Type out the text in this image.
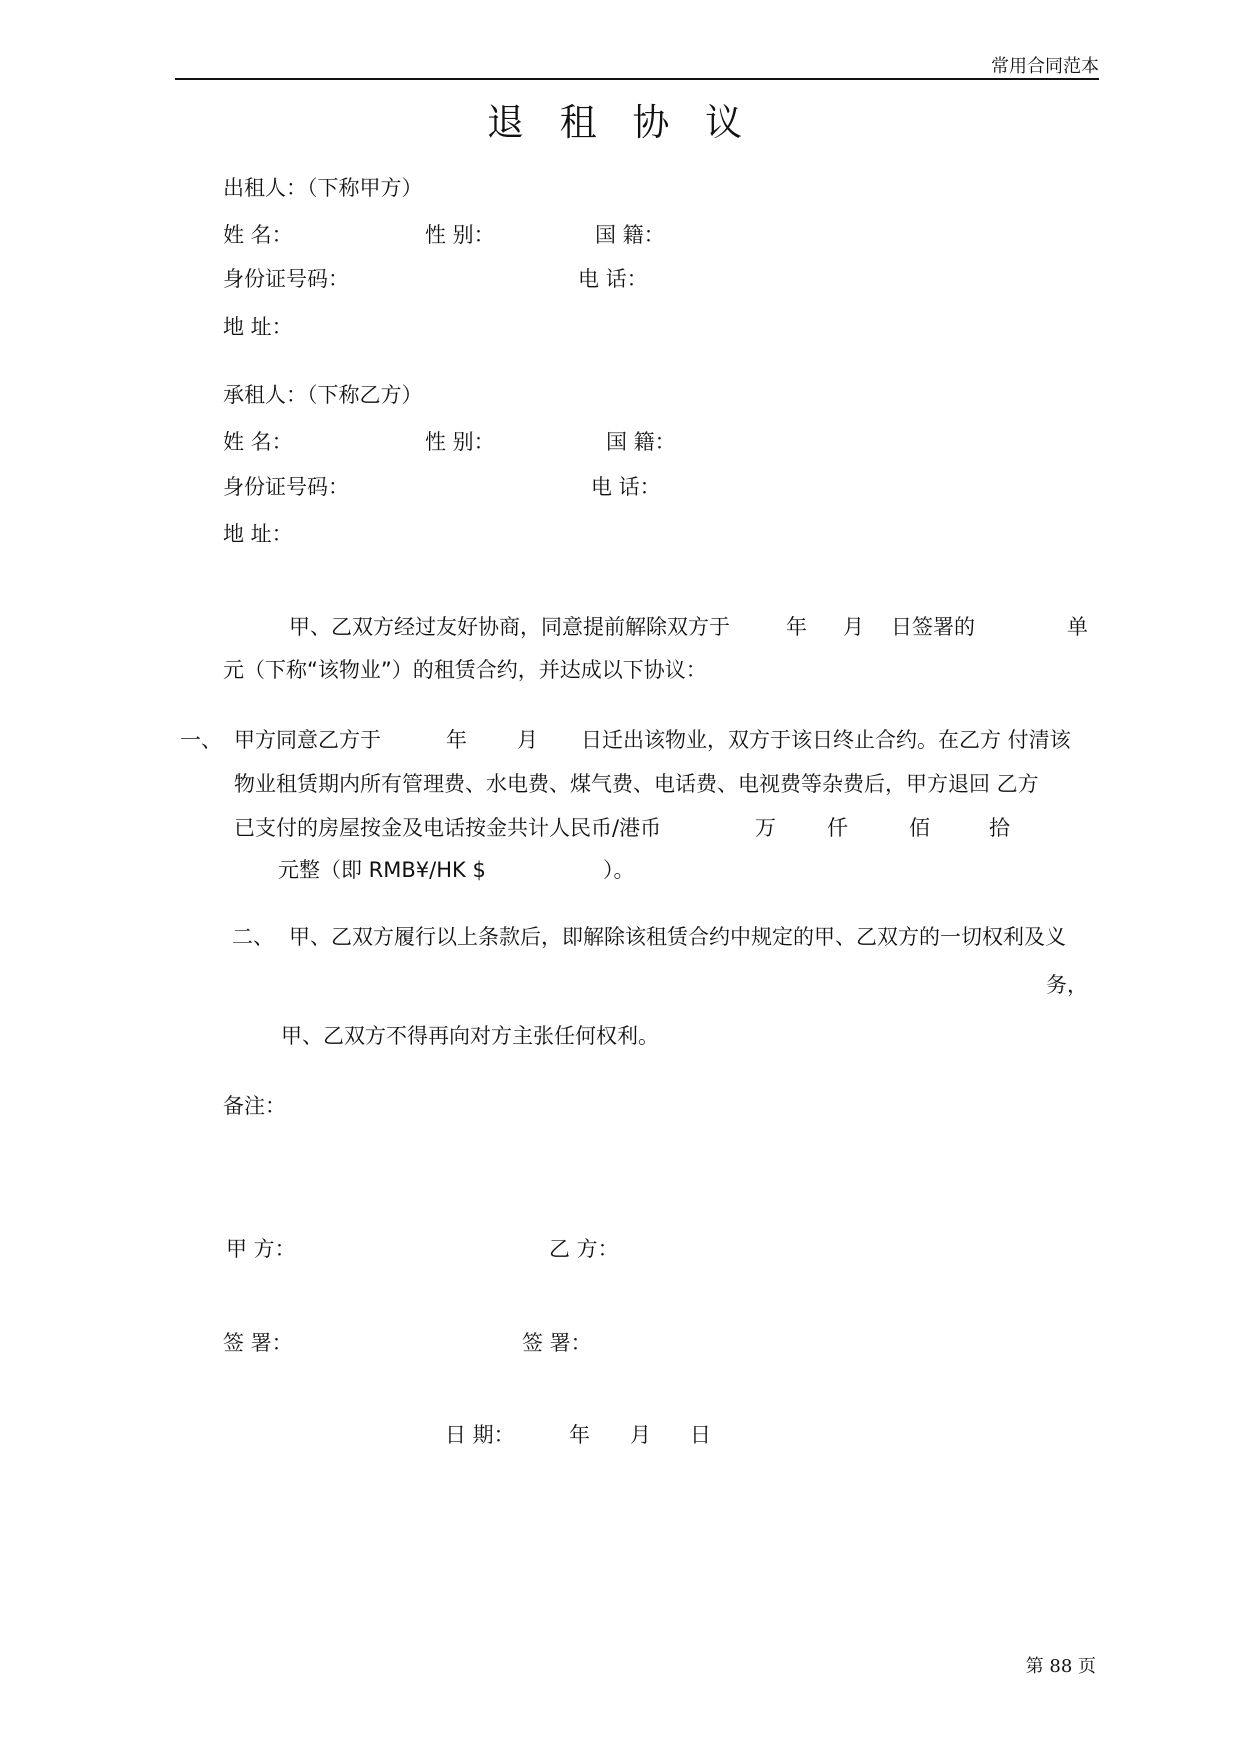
常用合同范本
退 租 协 议
出租人：（下称甲方）
姓 名：	性 别：	国 籍：
身份证号码：	电 话：
地 址：
承租人：（下称乙方）
姓 名：	性 别：	国 籍：
身份证号码：	电 话：
地 址：
甲、乙双方经过友好协商，同意提前解除双方于	年 月 日签署的	单
元（下称“该物业”）的租赁合约，并达成以下协议：
一、 甲方同意乙方于	年 月 日迁出该物业，双方于该日终止合约。在乙方 付清该
物业租赁期内所有管理费、水电费、煤气费、电话费、电视费等杂费后，甲方退回 乙方
已支付的房屋按金及电话按金共计人民币/港币	万 仟	佰	拾
元整（即 RMB¥/HK $	）。
二、 甲、乙双方履行以上条款后，即解除该租赁合约中规定的甲、乙双方的一切权利及义
务，
甲、乙双方不得再向对方主张任何权利。
备注：
甲 方：	乙 方：
签 署：	签 署：
日 期：	年 月 日
第 88 页
